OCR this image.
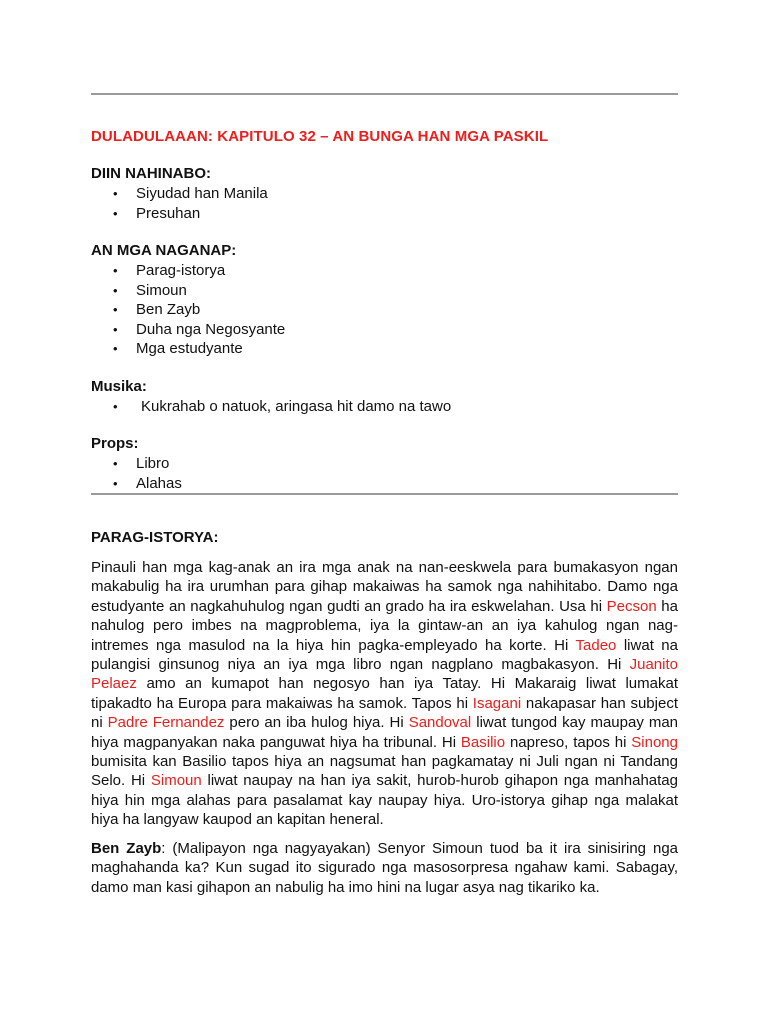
DULADULAAAN: KAPITULO 32 – AN BUNGA HAN MGA PASKIL
DIIN NAHINABO:
• Siyudad han Manila
• Presuhan
AN MGA NAGANAP:
• Parag-istorya
• Simoun
• Ben Zayb
• Duha nga Negosyante
• Mga estudyante
Musika:
• Kukrahab o natuok, aringasa hit damo na tawo
Props:
• Libro
• Alahas
PARAG-ISTORYA:

Pinauli han mga kag-anak an ira mga anak na nan-eeskwela para bumakasyon ngan makabulig ha ira urumhan para gihap makaiwas ha samok nga nahihitabo. Damo nga estudyante an nagkahuhulog ngan gudti an grado ha ira eskwelahan. Usa hi Pecson ha nahulog pero imbes na magproblema, iya la gintaw-an an iya kahulog ngan nag-intremes nga masulod na la hiya hin pagka-empleyado ha korte. Hi Tadeo liwat na pulangisi ginsunog niya an iya mga libro ngan nagplano magbakasyon. Hi Juanito Pelaez amo an kumapot han negosyo han iya Tatay. Hi Makaraig liwat lumakat tipakadto ha Europa para makaiwas ha samok. Tapos hi Isagani nakapasar han subject ni Padre Fernandez pero an iba hulog hiya. Hi Sandoval liwat tungod kay maupay man hiya magpanyakan naka panguwat hiya ha tribunal. Hi Basilio napreso, tapos hi Sinong bumisita kan Basilio tapos hiya an nagsumat han pagkamatay ni Juli ngan ni Tandang Selo. Hi Simoun liwat naupay na han iya sakit, hurob-hurob gihapon nga manhahatag hiya hin mga alahas para pasalamat kay naupay hiya. Uro-istorya gihap nga malakat hiya ha langyaw kaupod an kapitan heneral.

Ben Zayb: (Malipayon nga nagyayakan) Senyor Simoun tuod ba it ira sinisiring nga maghahanda ka? Kun sugad ito sigurado nga masosorpresa ngahaw kami. Sabagay, damo man kasi gihapon an nabulig ha imo hini na lugar asya nag tikariko ka.
